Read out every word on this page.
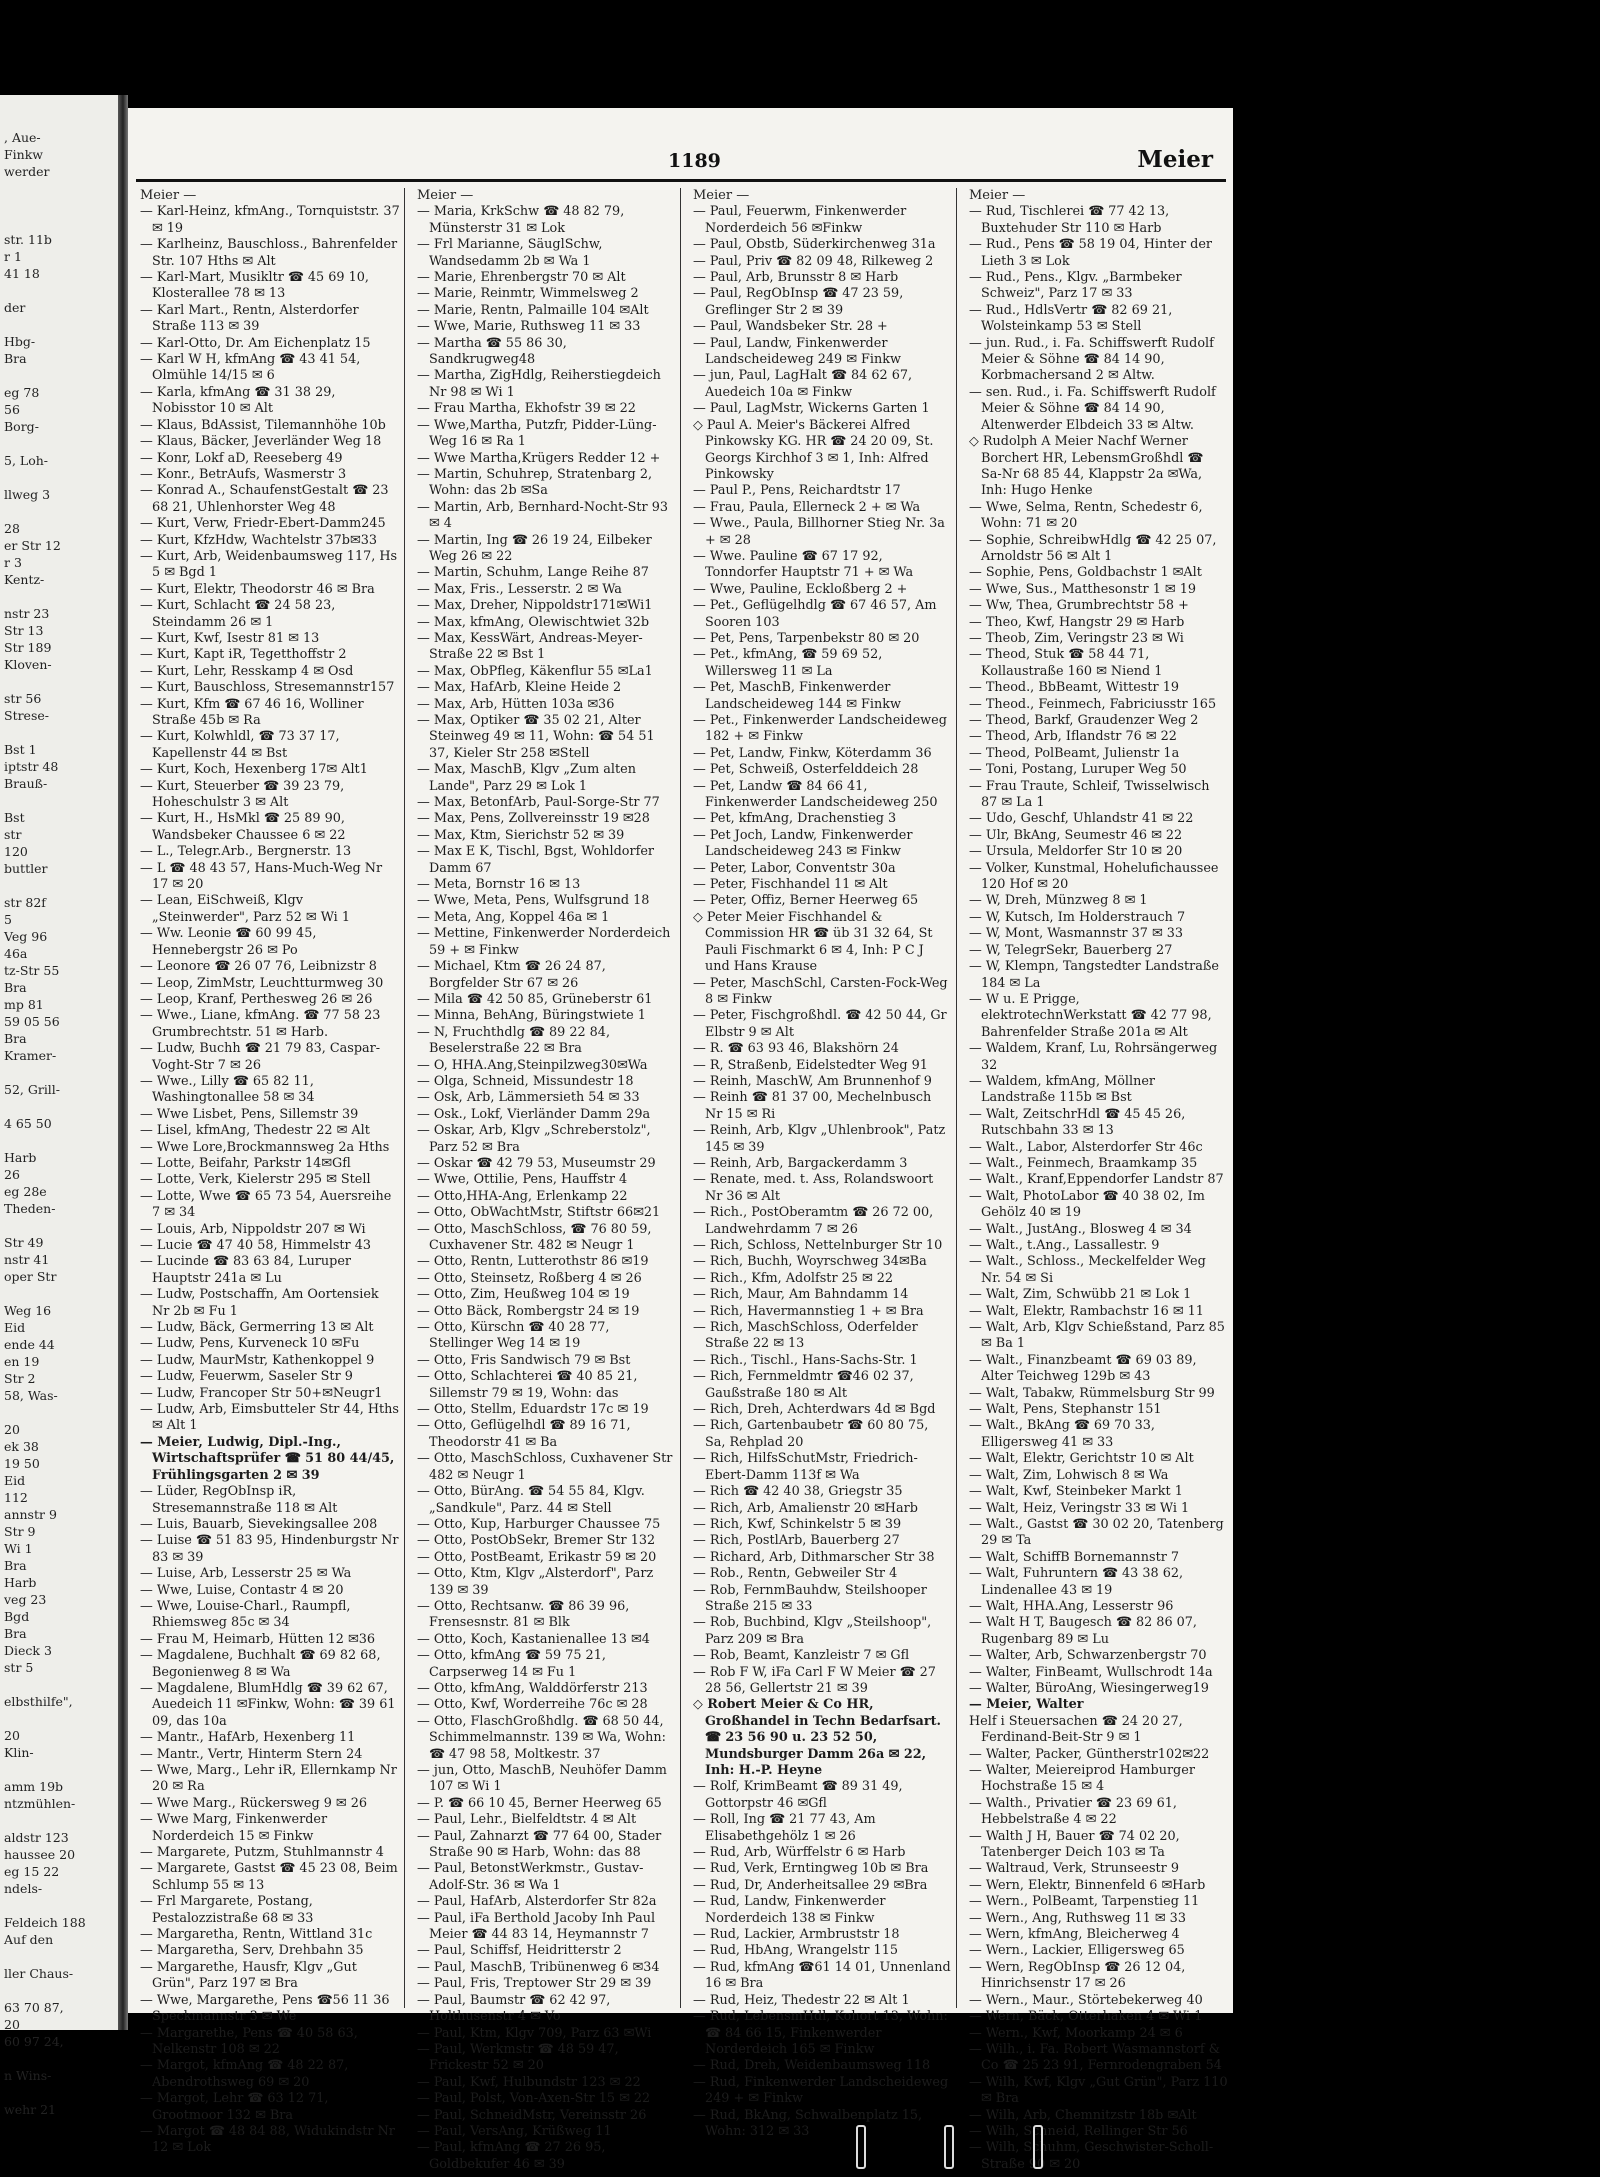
, Aue-
Finkw
werder

str. 11b
r 1
41 18

der

Hbg-
Bra

eg 78
56
Borg-

5, Loh-

llweg 3

28
er Str 12
r 3
Kentz-

nstr 23
Str 13
Str 189
Kloven-

str 56
Strese-

Bst 1
iptstr 48
Brauß-

Bst
str
120
buttler

str 82f
5
Veg 96
46a
tz-Str 55
Bra
mp 81
59 05 56
Bra
Kramer-

52, Grill-

4 65 50

Harb
26
eg 28e
Theden-

Str 49
nstr 41
oper Str

Weg 16
Eid
ende 44
en 19
Str 2
58, Was-

20
ek 38
19 50
Eid
112
annstr 9
Str 9
Wi 1
Bra
Harb
veg 23
Bgd
Bra
Dieck 3
str 5

elbsthilfe",

20
Klin-

amm 19b
ntzmühlen-

aldstr 123
haussee 20
eg 15 22
ndels-

Feldeich 188
Auf den

ller Chaus-

63 70 87,
20
60 97 24,

n Wins-

wehr 21
1189	Meier
Meier —
— Karl-Heinz, kfmAng., Tornquiststr. 37 ✉ 19
— Karlheinz, Bauschloss., Bahrenfelder Str. 107 Hths ✉ Alt
— Karl-Mart, Musikltr ☎ 45 69 10, Klosterallee 78 ✉ 13
— Karl Mart., Rentn, Alsterdorfer Straße 113 ✉ 39
— Karl-Otto, Dr. Am Eichenplatz 15
— Karl W H, kfmAng ☎ 43 41 54, Olmühle 14/15 ✉ 6
— Karla, kfmAng ☎ 31 38 29, Nobisstor 10 ✉ Alt
— Klaus, BdAssist, Tilemannhöhe 10b
— Klaus, Bäcker, Jeverländer Weg 18
— Konr, Lokf aD, Reeseberg 49
— Konr., BetrAufs, Wasmerstr 3
— Konrad A., SchaufenstGestalt ☎ 23 68 21, Uhlenhorster Weg 48
— Kurt, Verw, Friedr-Ebert-Damm245
— Kurt, KfzHdw, Wachtelstr 37b✉33
— Kurt, Arb, Weidenbaumsweg 117, Hs 5 ✉ Bgd 1
— Kurt, Elektr, Theodorstr 46 ✉ Bra
— Kurt, Schlacht ☎ 24 58 23, Steindamm 26 ✉ 1
— Kurt, Kwf, Isestr 81 ✉ 13
— Kurt, Kapt iR, Tegetthoffstr 2
— Kurt, Lehr, Resskamp 4 ✉ Osd
— Kurt, Bauschloss, Stresemannstr157
— Kurt, Kfm ☎ 67 46 16, Wolliner Straße 45b ✉ Ra
— Kurt, Kolwhldl, ☎ 73 37 17, Kapellenstr 44 ✉ Bst
— Kurt, Koch, Hexenberg 17✉ Alt1
— Kurt, Steuerber ☎ 39 23 79, Hoheschulstr 3 ✉ Alt
— Kurt, H., HsMkl ☎ 25 89 90, Wandsbeker Chaussee 6 ✉ 22
— L., Telegr.Arb., Bergnerstr. 13
— L ☎ 48 43 57, Hans-Much-Weg Nr 17 ✉ 20
— Lean, EiSchweiß, Klgv „Steinwerder", Parz 52 ✉ Wi 1
— Ww. Leonie ☎ 60 99 45, Hennebergstr 26 ✉ Po
— Leonore ☎ 26 07 76, Leibnizstr 8
— Leop, ZimMstr, Leuchtturmweg 30
— Leop, Kranf, Perthesweg 26 ✉ 26
— Wwe., Liane, kfmAng. ☎ 77 58 23 Grumbrechtstr. 51 ✉ Harb.
— Ludw, Buchh ☎ 21 79 83, Caspar-Voght-Str 7 ✉ 26
— Wwe., Lilly ☎ 65 82 11, Washingtonallee 58 ✉ 34
— Wwe Lisbet, Pens, Sillemstr 39
— Lisel, kfmAng, Thedestr 22 ✉ Alt
— Wwe Lore,Brockmannsweg 2a Hths
— Lotte, Beifahr, Parkstr 14✉Gfl
— Lotte, Verk, Kielerstr 295 ✉ Stell
— Lotte, Wwe ☎ 65 73 54, Auersreihe 7 ✉ 34
— Louis, Arb, Nippoldstr 207 ✉ Wi
— Lucie ☎ 47 40 58, Himmelstr 43
— Lucinde ☎ 83 63 84, Luruper Hauptstr 241a ✉ Lu
— Ludw, Postschaffn, Am Oortensiek Nr 2b ✉ Fu 1
— Ludw, Bäck, Germerring 13 ✉ Alt
— Ludw, Pens, Kurveneck 10 ✉Fu
— Ludw, MaurMstr, Kathenkoppel 9
— Ludw, Feuerwm, Saseler Str 9
— Ludw, Francoper Str 50+✉Neugr1
— Ludw, Arb, Eimsbutteler Str 44, Hths ✉ Alt 1
— Meier, Ludwig, Dipl.-Ing., Wirtschaftsprüfer ☎ 51 80 44/45, Frühlingsgarten 2 ✉ 39
— Lüder, RegObInsp iR, Stresemannstraße 118 ✉ Alt
— Luis, Bauarb, Sievekingsallee 208
— Luise ☎ 51 83 95, Hindenburgstr Nr 83 ✉ 39
— Luise, Arb, Lesserstr 25 ✉ Wa
— Wwe, Luise, Contastr 4 ✉ 20
— Wwe, Louise-Charl., Raumpfl, Rhiemsweg 85c ✉ 34
— Frau M, Heimarb, Hütten 12 ✉36
— Magdalene, Buchhalt ☎ 69 82 68, Begonienweg 8 ✉ Wa
— Magdalene, BlumHdlg ☎ 39 62 67, Auedeich 11 ✉Finkw, Wohn: ☎ 39 61 09, das 10a
— Mantr., HafArb, Hexenberg 11
— Mantr., Vertr, Hinterm Stern 24
— Wwe, Marg., Lehr iR, Ellernkamp Nr 20 ✉ Ra
— Wwe Marg., Rückersweg 9 ✉ 26
— Wwe Marg, Finkenwerder Norderdeich 15 ✉ Finkw
— Margarete, Putzm, Stuhlmannstr 4
— Margarete, Gastst ☎ 45 23 08, Beim Schlump 55 ✉ 13
— Frl Margarete, Postang, Pestalozzistraße 68 ✉ 33
— Margaretha, Rentn, Wittland 31c
— Margaretha, Serv, Drehbahn 35
— Margarethe, Hausfr, Klgv „Gut Grün", Parz 197 ✉ Bra
— Wwe, Margarethe, Pens ☎56 11 36 Speckmannstr 3 ✉ We
— Margarethe, Pens ☎ 40 58 63, Nelkenstr 108 ✉ 22
— Margot, kfmAng ☎ 48 22 87, Abendrothsweg 69 ✉ 20
— Margot, Lehr ☎ 63 12 71, Grootmoor 132 ✉ Bra
— Margot ☎ 48 84 88, Widukindstr Nr 12 ✉ Lok
Meier —
— Maria, KrkSchw ☎ 48 82 79, Münsterstr 31 ✉ Lok
— Frl Marianne, SäuglSchw, Wandsedamm 2b ✉ Wa 1
— Marie, Ehrenbergstr 70 ✉ Alt
— Marie, Reinmtr, Wimmelsweg 2
— Marie, Rentn, Palmaille 104 ✉Alt
— Wwe, Marie, Ruthsweg 11 ✉ 33
— Martha ☎ 55 86 30, Sandkrugweg48
— Martha, ZigHdlg, Reiherstiegdeich Nr 98 ✉ Wi 1
— Frau Martha, Ekhofstr 39 ✉ 22
— Wwe,Martha, Putzfr, Pidder-Lüng-Weg 16 ✉ Ra 1
— Wwe Martha,Krügers Redder 12 +
— Martin, Schuhrep, Stratenbarg 2, Wohn: das 2b ✉Sa
— Martin, Arb, Bernhard-Nocht-Str 93 ✉ 4
— Martin, Ing ☎ 26 19 24, Eilbeker Weg 26 ✉ 22
— Martin, Schuhm, Lange Reihe 87
— Max, Fris., Lesserstr. 2 ✉ Wa
— Max, Dreher, Nippoldstr171✉Wi1
— Max, kfmAng, Olewischtwiet 32b
— Max, KessWärt, Andreas-Meyer-Straße 22 ✉ Bst 1
— Max, ObPfleg, Käkenflur 55 ✉La1
— Max, HafArb, Kleine Heide 2
— Max, Arb, Hütten 103a ✉36
— Max, Optiker ☎ 35 02 21, Alter Steinweg 49 ✉ 11, Wohn: ☎ 54 51 37, Kieler Str 258 ✉Stell
— Max, MaschB, Klgv „Zum alten Lande", Parz 29 ✉ Lok 1
— Max, BetonfArb, Paul-Sorge-Str 77
— Max, Pens, Zollvereinsstr 19 ✉28
— Max, Ktm, Sierichstr 52 ✉ 39
— Max E K, Tischl, Bgst, Wohldorfer Damm 67
— Meta, Bornstr 16 ✉ 13
— Wwe, Meta, Pens, Wulfsgrund 18
— Meta, Ang, Koppel 46a ✉ 1
— Mettine, Finkenwerder Norderdeich 59 + ✉ Finkw
— Michael, Ktm ☎ 26 24 87, Borgfelder Str 67 ✉ 26
— Mila ☎ 42 50 85, Grüneberstr 61
— Minna, BehAng, Büringstwiete 1
— N, Fruchthdlg ☎ 89 22 84, Beselerstraße 22 ✉ Bra
— O, HHA.Ang,Steinpilzweg30✉Wa
— Olga, Schneid, Missundestr 18
— Osk, Arb, Lämmersieth 54 ✉ 33
— Osk., Lokf, Vierländer Damm 29a
— Oskar, Arb, Klgv „Schreberstolz", Parz 52 ✉ Bra
— Oskar ☎ 42 79 53, Museumstr 29
— Wwe, Ottilie, Pens, Hauffstr 4
— Otto,HHA-Ang, Erlenkamp 22
— Otto, ObWachtMstr, Stiftstr 66✉21
— Otto, MaschSchloss, ☎ 76 80 59, Cuxhavener Str. 482 ✉ Neugr 1
— Otto, Rentn, Lutterothstr 86 ✉19
— Otto, Steinsetz, Roßberg 4 ✉ 26
— Otto, Zim, Heußweg 104 ✉ 19
— Otto Bäck, Rombergstr 24 ✉ 19
— Otto, Kürschn ☎ 40 28 77, Stellinger Weg 14 ✉ 19
— Otto, Fris Sandwisch 79 ✉ Bst
— Otto, Schlachterei ☎ 40 85 21, Sillemstr 79 ✉ 19, Wohn: das
— Otto, Stellm, Eduardstr 17c ✉ 19
— Otto, Geflügelhdl ☎ 89 16 71, Theodorstr 41 ✉ Ba
— Otto, MaschSchloss, Cuxhavener Str 482 ✉ Neugr 1
— Otto, BürAng. ☎ 54 55 84, Klgv. „Sandkule", Parz. 44 ✉ Stell
— Otto, Kup, Harburger Chaussee 75
— Otto, PostObSekr, Bremer Str 132
— Otto, PostBeamt, Erikastr 59 ✉ 20
— Otto, Ktm, Klgv „Alsterdorf", Parz 139 ✉ 39
— Otto, Rechtsanw. ☎ 86 39 96, Frensesnstr. 81 ✉ Blk
— Otto, Koch, Kastanienallee 13 ✉4
— Otto, kfmAng ☎ 59 75 21, Carpserweg 14 ✉ Fu 1
— Otto, kfmAng, Walddörferstr 213
— Otto, Kwf, Worderreihe 76c ✉ 28
— Otto, FlaschGroßhdlg. ☎ 68 50 44, Schimmelmannstr. 139 ✉ Wa, Wohn: ☎ 47 98 58, Moltkestr. 37
— jun, Otto, MaschB, Neuhöfer Damm 107 ✉ Wi 1
— P. ☎ 66 10 45, Berner Heerweg 65
— Paul, Lehr., Bielfeldtstr. 4 ✉ Alt
— Paul, Zahnarzt ☎ 77 64 00, Stader Straße 90 ✉ Harb, Wohn: das 88
— Paul, BetonstWerkmstr., Gustav-Adolf-Str. 36 ✉ Wa 1
— Paul, HafArb, Alsterdorfer Str 82a
— Paul, iFa Berthold Jacoby Inh Paul Meier ☎ 44 83 14, Heymannstr 7
— Paul, Schiffsf, Heidritterstr 2
— Paul, MaschB, Tribünenweg 6 ✉34
— Paul, Fris, Treptower Str 29 ✉ 39
— Paul, Baumstr ☎ 62 42 97, Holthusenstr 4 ✉ Vo
— Paul, Ktm, Klgv 709, Parz 63 ✉Wi
— Paul, Werkmstr ☎ 48 59 47, Frickestr 52 ✉ 20
— Paul, Kwf, Hulbundstr 123 ✉ 22
— Paul, Polst, Von-Axen-Str 15 ✉ 22
— Paul, SchneidMstr, Vereinsstr 26
— Paul, VersAng, Krüßweg 11
— Paul, kfmAng ☎ 27 26 95, Goldbekufer 46 ✉ 39
Meier —
— Paul, Feuerwm, Finkenwerder Norderdeich 56 ✉Finkw
— Paul, Obstb, Süderkirchenweg 31a
— Paul, Priv ☎ 82 09 48, Rilkeweg 2
— Paul, Arb, Brunsstr 8 ✉ Harb
— Paul, RegObInsp ☎ 47 23 59, Greflinger Str 2 ✉ 39
— Paul, Wandsbeker Str. 28 +
— Paul, Landw, Finkenwerder Landscheideweg 249 ✉ Finkw
— jun, Paul, LagHalt ☎ 84 62 67, Auedeich 10a ✉ Finkw
— Paul, LagMstr, Wickerns Garten 1
◇ Paul A. Meier's Bäckerei Alfred Pinkowsky KG. HR ☎ 24 20 09, St. Georgs Kirchhof 3 ✉ 1, Inh: Alfred Pinkowsky
— Paul P., Pens, Reichardtstr 17
— Frau, Paula, Ellerneck 2 + ✉ Wa
— Wwe., Paula, Billhorner Stieg Nr. 3a + ✉ 28
— Wwe. Pauline ☎ 67 17 92, Tonndorfer Hauptstr 71 + ✉ Wa
— Wwe, Pauline, Eckloßberg 2 +
— Pet., Geflügelhdlg ☎ 67 46 57, Am Sooren 103
— Pet, Pens, Tarpenbekstr 80 ✉ 20
— Pet., kfmAng, ☎ 59 69 52, Willersweg 11 ✉ La
— Pet, MaschB, Finkenwerder Landscheideweg 144 ✉ Finkw
— Pet., Finkenwerder Landscheideweg 182 + ✉ Finkw
— Pet, Landw, Finkw, Köterdamm 36
— Pet, Schweiß, Osterfelddeich 28
— Pet, Landw ☎ 84 66 41, Finkenwerder Landscheideweg 250
— Pet, kfmAng, Drachenstieg 3
— Pet Joch, Landw, Finkenwerder Landscheideweg 243 ✉ Finkw
— Peter, Labor, Conventstr 30a
— Peter, Fischhandel 11 ✉ Alt
— Peter, Offiz, Berner Heerweg 65
◇ Peter Meier Fischhandel & Commission HR ☎ üb 31 32 64, St Pauli Fischmarkt 6 ✉ 4, Inh: P C J und Hans Krause
— Peter, MaschSchl, Carsten-Fock-Weg 8 ✉ Finkw
— Peter, Fischgroßhdl. ☎ 42 50 44, Gr Elbstr 9 ✉ Alt
— R. ☎ 63 93 46, Blakshörn 24
— R, Straßenb, Eidelstedter Weg 91
— Reinh, MaschW, Am Brunnenhof 9
— Reinh ☎ 81 37 00, Mechelnbusch Nr 15 ✉ Ri
— Reinh, Arb, Klgv „Uhlenbrook", Patz 145 ✉ 39
— Reinh, Arb, Bargackerdamm 3
— Renate, med. t. Ass, Rolandswoort Nr 36 ✉ Alt
— Rich., PostOberamtm ☎ 26 72 00, Landwehrdamm 7 ✉ 26
— Rich, Schloss, Nettelnburger Str 10
— Rich, Buchh, Woyrschweg 34✉Ba
— Rich., Kfm, Adolfstr 25 ✉ 22
— Rich, Maur, Am Bahndamm 14
— Rich, Havermannstieg 1 + ✉ Bra
— Rich, MaschSchloss, Oderfelder Straße 22 ✉ 13
— Rich., Tischl., Hans-Sachs-Str. 1
— Rich, Fernmeldmtr ☎46 02 37, Gaußstraße 180 ✉ Alt
— Rich, Dreh, Achterdwars 4d ✉ Bgd
— Rich, Gartenbaubetr ☎ 60 80 75, Sa, Rehplad 20
— Rich, HilfsSchutMstr, Friedrich-Ebert-Damm 113f ✉ Wa
— Rich ☎ 42 40 38, Griegstr 35
— Rich, Arb, Amalienstr 20 ✉Harb
— Rich, Kwf, Schinkelstr 5 ✉ 39
— Rich, PostlArb, Bauerberg 27
— Richard, Arb, Dithmarscher Str 38
— Rob., Rentn, Gebweiler Str 4
— Rob, FernmBauhdw, Steilshooper Straße 215 ✉ 33
— Rob, Buchbind, Klgv „Steilshoop", Parz 209 ✉ Bra
— Rob, Beamt, Kanzleistr 7 ✉ Gfl
— Rob F W, iFa Carl F W Meier ☎ 27 28 56, Gellertstr 21 ✉ 39
◇ Robert Meier & Co HR, Großhandel in Techn Bedarfsart. ☎ 23 56 90 u. 23 52 50, Mundsburger Damm 26a ✉ 22, Inh: H.-P. Heyne
— Rolf, KrimBeamt ☎ 89 31 49, Gottorpstr 46 ✉Gfl
— Roll, Ing ☎ 21 77 43, Am Elisabethgehölz 1 ✉ 26
— Rud, Arb, Würffelstr 6 ✉ Harb
— Rud, Verk, Erntingweg 10b ✉ Bra
— Rud, Dr, Anderheitsallee 29 ✉Bra
— Rud, Landw, Finkenwerder Norderdeich 138 ✉ Finkw
— Rud, Lackier, Armbruststr 18
— Rud, HbAng, Wrangelstr 115
— Rud, kfmAng ☎61 14 01, Unnenland 16 ✉ Bra
— Rud, Heiz, Thedestr 22 ✉ Alt 1
— Rud, LebensmHdl, Kohort 13, Wohn: ☎ 84 66 15, Finkenwerder Norderdeich 165 ✉ Finkw
— Rud, Dreh, Weidenbaumsweg 118
— Rud, Finkenwerder Landscheideweg 249 + ✉ Finkw
— Rud, BkAng, Schwalbenplatz 15, Wohn: 312 ✉ 33
Meier —
— Rud, Tischlerei ☎ 77 42 13, Buxtehuder Str 110 ✉ Harb
— Rud., Pens ☎ 58 19 04, Hinter der Lieth 3 ✉ Lok
— Rud., Pens., Klgv. „Barmbeker Schweiz", Parz 17 ✉ 33
— Rud., HdlsVertr ☎ 82 69 21, Wolsteinkamp 53 ✉ Stell
— jun. Rud., i. Fa. Schiffswerft Rudolf Meier & Söhne ☎ 84 14 90, Korbmachersand 2 ✉ Altw.
— sen. Rud., i. Fa. Schiffswerft Rudolf Meier & Söhne ☎ 84 14 90, Altenwerder Elbdeich 33 ✉ Altw.
◇ Rudolph A Meier Nachf Werner Borchert HR, LebensmGroßhdl ☎ Sa-Nr 68 85 44, Klappstr 2a ✉Wa, Inh: Hugo Henke
— Wwe, Selma, Rentn, Schedestr 6, Wohn: 71 ✉ 20
— Sophie, SchreibwHdlg ☎ 42 25 07, Arnoldstr 56 ✉ Alt 1
— Sophie, Pens, Goldbachstr 1 ✉Alt
— Wwe, Sus., Matthesonstr 1 ✉ 19
— Ww, Thea, Grumbrechtstr 58 +
— Theo, Kwf, Hangstr 29 ✉ Harb
— Theob, Zim, Veringstr 23 ✉ Wi
— Theod, Stuk ☎ 58 44 71, Kollaustraße 160 ✉ Niend 1
— Theod., BbBeamt, Wittestr 19
— Theod., Feinmech, Fabriciusstr 165
— Theod, Barkf, Graudenzer Weg 2
— Theod, Arb, Iflandstr 76 ✉ 22
— Theod, PolBeamt, Julienstr 1a
— Toni, Postang, Luruper Weg 50
— Frau Traute, Schleif, Twisselwisch 87 ✉ La 1
— Udo, Geschf, Uhlandstr 41 ✉ 22
— Ulr, BkAng, Seumestr 46 ✉ 22
— Ursula, Meldorfer Str 10 ✉ 20
— Volker, Kunstmal, Hohelufichaussee 120 Hof ✉ 20
— W, Dreh, Münzweg 8 ✉ 1
— W, Kutsch, Im Holderstrauch 7
— W, Mont, Wasmannstr 37 ✉ 33
— W, TelegrSekr, Bauerberg 27
— W, Klempn, Tangstedter Landstraße 184 ✉ La
— W u. E Prigge, elektrotechnWerkstatt ☎ 42 77 98, Bahrenfelder Straße 201a ✉ Alt
— Waldem, Kranf, Lu, Rohrsängerweg 32
— Waldem, kfmAng, Möllner Landstraße 115b ✉ Bst
— Walt, ZeitschrHdl ☎ 45 45 26, Rutschbahn 33 ✉ 13
— Walt., Labor, Alsterdorfer Str 46c
— Walt., Feinmech, Braamkamp 35
— Walt., Kranf,Eppendorfer Landstr 87
— Walt, PhotoLabor ☎ 40 38 02, Im Gehölz 40 ✉ 19
— Walt., JustAng., Blosweg 4 ✉ 34
— Walt., t.Ang., Lassallestr. 9
— Walt., Schloss., Meckelfelder Weg Nr. 54 ✉ Si
— Walt, Zim, Schwübb 21 ✉ Lok 1
— Walt, Elektr, Rambachstr 16 ✉ 11
— Walt, Arb, Klgv Schießstand, Parz 85 ✉ Ba 1
— Walt., Finanzbeamt ☎ 69 03 89, Alter Teichweg 129b ✉ 43
— Walt, Tabakw, Rümmelsburg Str 99
— Walt, Pens, Stephanstr 151
— Walt., BkAng ☎ 69 70 33, Elligersweg 41 ✉ 33
— Walt, Elektr, Gerichtstr 10 ✉ Alt
— Walt, Zim, Lohwisch 8 ✉ Wa
— Walt, Kwf, Steinbeker Markt 1
— Walt, Heiz, Veringstr 33 ✉ Wi 1
— Walt., Gastst ☎ 30 02 20, Tatenberg 29 ✉ Ta
— Walt, SchiffB Bornemannstr 7
— Walt, Fuhruntern ☎ 43 38 62, Lindenallee 43 ✉ 19
— Walt, HHA.Ang, Lesserstr 96
— Walt H T, Baugesch ☎ 82 86 07, Rugenbarg 89 ✉ Lu
— Walter, Arb, Schwarzenbergstr 70
— Walter, FinBeamt, Wullschrodt 14a
— Walter, BüroAng, Wiesingerweg19
— Meier, Walter
Helf i Steuersachen ☎ 24 20 27, Ferdinand-Beit-Str 9 ✉ 1
— Walter, Packer, Güntherstr102✉22
— Walter, Meiereiprod Hamburger Hochstraße 15 ✉ 4
— Walth., Privatier ☎ 23 69 61, Hebbelstraße 4 ✉ 22
— Walth J H, Bauer ☎ 74 02 20, Tatenberger Deich 103 ✉ Ta
— Waltraud, Verk, Strunseestr 9
— Wern, Elektr, Binnenfeld 6 ✉Harb
— Wern., PolBeamt, Tarpenstieg 11
— Wern., Ang, Ruthsweg 11 ✉ 33
— Wern, kfmAng, Bleicherweg 4
— Wern., Lackier, Elligersweg 65
— Wern, RegObInsp ☎ 26 12 04, Hinrichsenstr 17 ✉ 26
— Wern., Maur., Störtebekerweg 40
— Wern, Bäck, Otterhaken 4 ✉ Wi 1
— Wern., Kwf, Moorkamp 24 ✉ 6
— Wilh., i. Fa. Robert Wasmannstorf & Co ☎ 25 23 91, Fernrodengraben 54
— Wilh, Kwf, Klgv „Gut Grün", Parz 110 ✉ Bra
— Wilh, Arb, Chemnitzstr 18b ✉Alt
— Wilh, Schneid, Rellinger Str 56
— Wilh, Schuhm, Geschwister-Scholl-Straße 90 ✉ 20
